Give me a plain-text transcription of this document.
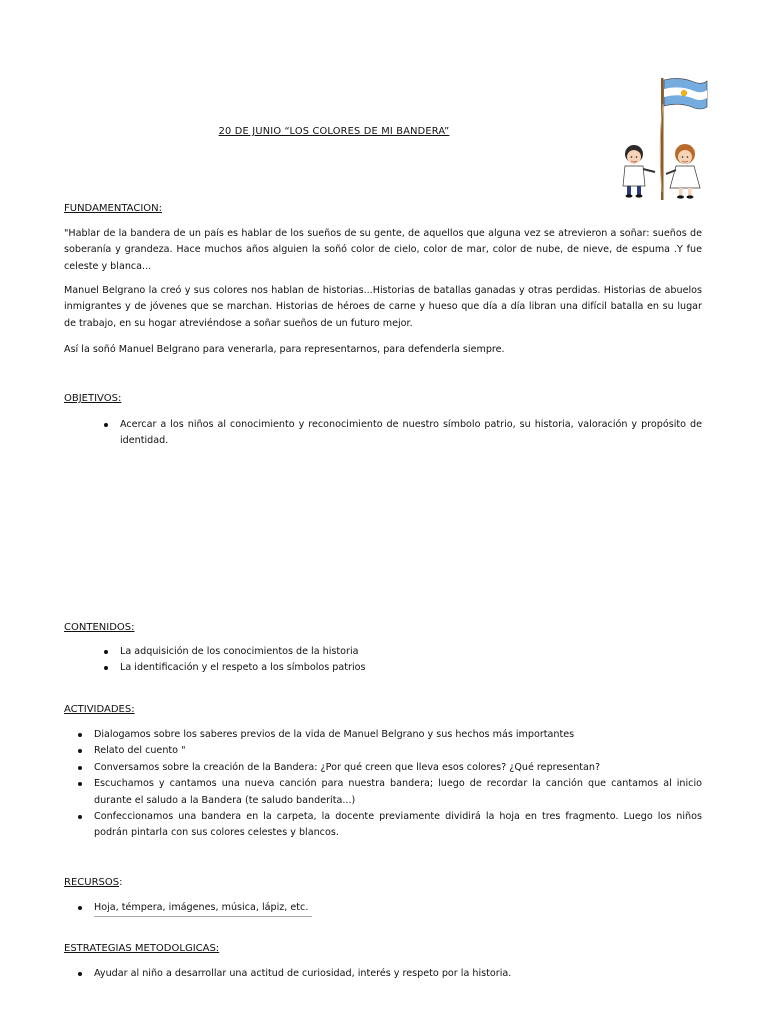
20 DE JUNIO “LOS COLORES DE MI BANDERA”
FUNDAMENTACION:

"Hablar de la bandera de un país es hablar de los sueños de su gente, de aquellos que alguna vez se atrevieron a soñar: sueños de soberanía y grandeza. Hace muchos años alguien la soñó color de cielo, color de mar, color de nube, de nieve, de espuma .Y fue celeste y blanca...

Manuel Belgrano la creó y sus colores nos hablan de historias...Historias de batallas ganadas y otras perdidas. Historias de abuelos inmigrantes y de jóvenes que se marchan. Historias de héroes de carne y hueso que día a día libran una difícil batalla en su lugar de trabajo, en su hogar atreviéndose a soñar sueños de un futuro mejor.

Así la soñó Manuel Belgrano para venerarla, para representarnos, para defenderla siempre.

OBJETIVOS:
Acercar a los niños al conocimiento y reconocimiento de nuestro símbolo patrio, su historia, valoración y propósito de identidad.
CONTENIDOS:
La adquisición de los conocimientos de la historia
La identificación y el respeto a los símbolos patrios
ACTIVIDADES:
Dialogamos sobre los saberes previos de la vida de Manuel Belgrano y sus hechos más importantes
Relato del cuento "
Conversamos sobre la creación de la Bandera: ¿Por qué creen que lleva esos colores? ¿Qué representan?
Escuchamos y cantamos una nueva canción para nuestra bandera; luego de recordar la canción que cantamos al inicio durante el saludo a la Bandera (te saludo banderita...)
Confeccionamos una bandera en la carpeta, la docente previamente dividirá la hoja en tres fragmento. Luego los niños podrán pintarla con sus colores celestes y blancos.
RECURSOS:
Hoja, témpera, imágenes, música, lápiz, etc.
ESTRATEGIAS METODOLGICAS:
Ayudar al niño a desarrollar una actitud de curiosidad, interés y respeto por la historia.
